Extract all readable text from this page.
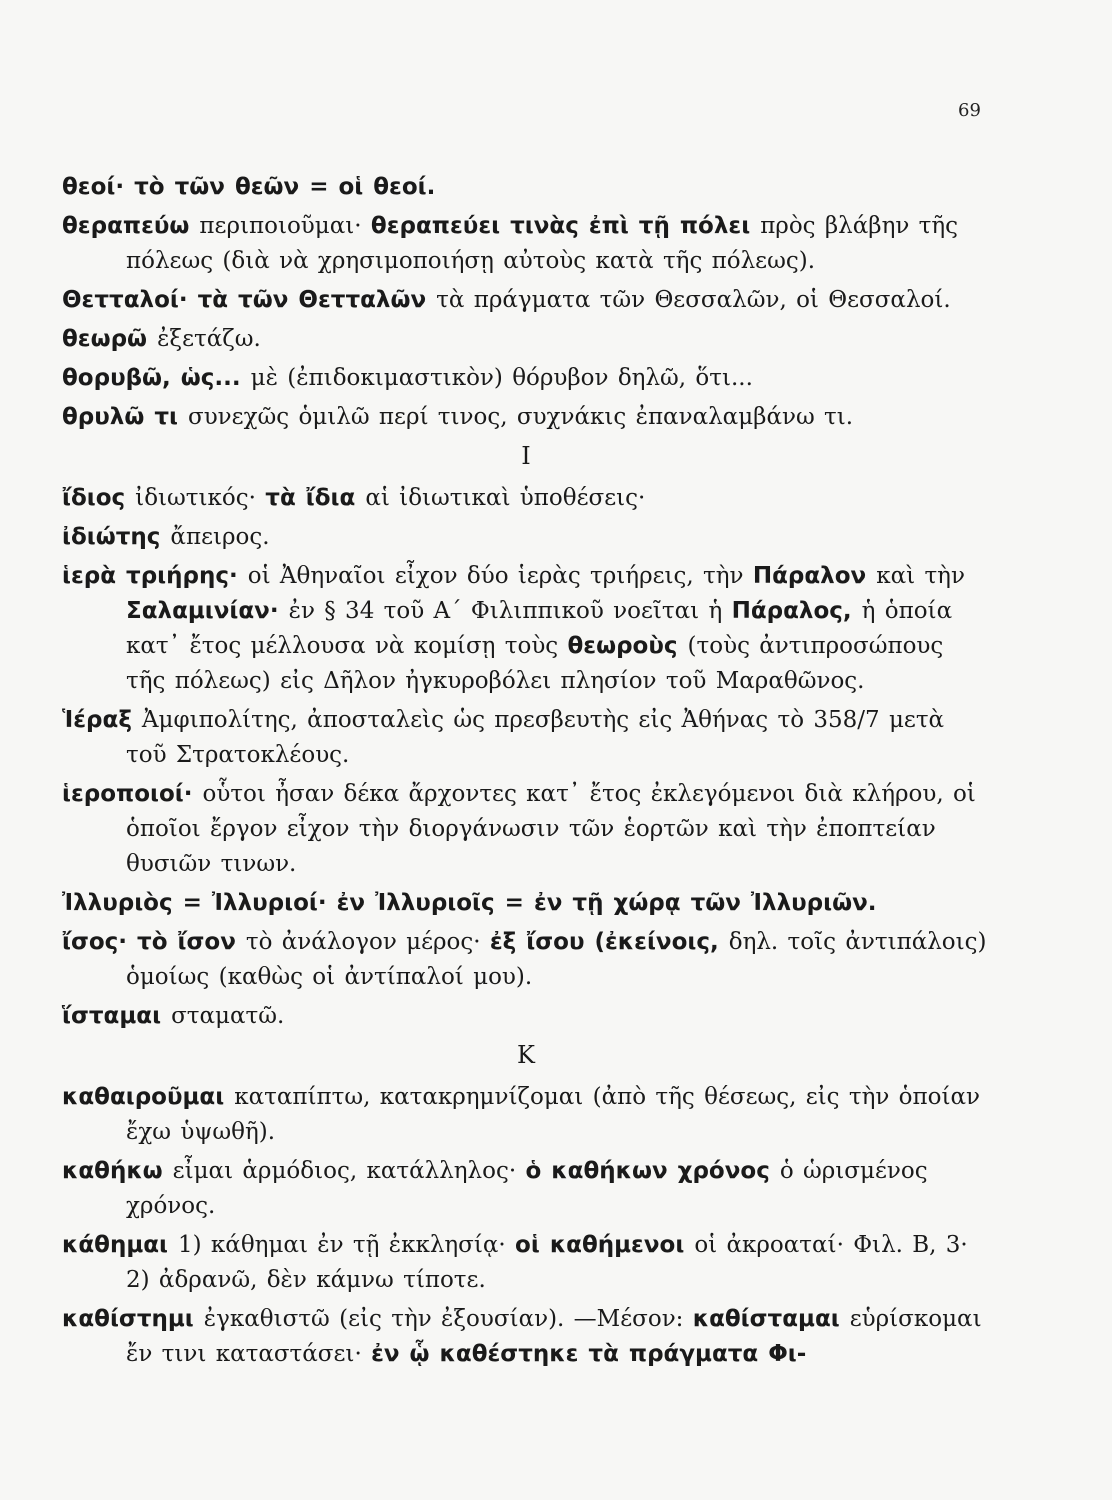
69

θεοί· τὸ τῶν θεῶν = οἱ θεοί.

θεραπεύω περιποιοῦμαι· θεραπεύει τινὰς ἐπὶ τῇ πόλει πρὸς βλάβην τῆς πόλεως (διὰ νὰ χρησιμοποιήσῃ αὐτοὺς κατὰ τῆς πόλεως).

Θετταλοί· τὰ τῶν Θετταλῶν τὰ πράγματα τῶν Θεσσαλῶν, οἱ Θεσσαλοί.

θεωρῶ ἐξετάζω.

θορυβῶ, ὡς... μὲ (ἐπιδοκιμαστικὸν) θόρυβον δηλῶ, ὅτι...

θρυλῶ τι συνεχῶς ὁμιλῶ περί τινος, συχνάκις ἐπαναλαμβάνω τι.

Ι

ἴδιος ἰδιωτικός· τὰ ἴδια αἱ ἰδιωτικαὶ ὑποθέσεις·

ἰδιώτης ἄπειρος.

ἱερὰ τριήρης· οἱ Ἀθηναῖοι εἶχον δύο ἱερὰς τριήρεις, τὴν Πάραλον καὶ τὴν Σαλαμινίαν· ἐν § 34 τοῦ Α΄ Φιλιππικοῦ νοεῖται ἡ Πάραλος, ἡ ὁποία κατ᾽ ἔτος μέλλουσα νὰ κομίσῃ τοὺς θεωροὺς (τοὺς ἀντιπροσώπους τῆς πόλεως) εἰς Δῆλον ἠγκυροβόλει πλησίον τοῦ Μαραθῶνος.

Ἱέραξ Ἀμφιπολίτης, ἀποσταλεὶς ὡς πρεσβευτὴς εἰς Ἀθήνας τὸ 358/7 μετὰ τοῦ Στρατοκλέους.

ἱεροποιοί· οὗτοι ἦσαν δέκα ἄρχοντες κατ᾽ ἔτος ἐκλεγόμενοι διὰ κλήρου, οἱ ὁποῖοι ἔργον εἶχον τὴν διοργάνωσιν τῶν ἑορτῶν καὶ τὴν ἐποπτείαν θυσιῶν τινων.

Ἰλλυριὸς = Ἰλλυριοί· ἐν Ἰλλυριοῖς = ἐν τῇ χώρᾳ τῶν Ἰλλυριῶν.

ἴσος· τὸ ἴσον τὸ ἀνάλογον μέρος· ἐξ ἴσου (ἐκείνοις, δηλ. τοῖς ἀντιπάλοις) ὁμοίως (καθὼς οἱ ἀντίπαλοί μου).

ἵσταμαι σταματῶ.

Κ

καθαιροῦμαι καταπίπτω, κατακρημνίζομαι (ἀπὸ τῆς θέσεως, εἰς τὴν ὁποίαν ἔχω ὑψωθῆ).

καθήκω εἶμαι ἁρμόδιος, κατάλληλος· ὁ καθήκων χρόνος ὁ ὡρισμένος χρόνος.

κάθημαι 1) κάθημαι ἐν τῇ ἐκκλησίᾳ· οἱ καθήμενοι οἱ ἀκροαταί· Φιλ. Β, 3· 2) ἀδρανῶ, δὲν κάμνω τίποτε.

καθίστημι ἐγκαθιστῶ (εἰς τὴν ἐξουσίαν). —Μέσον: καθίσταμαι εὑρίσκομαι ἔν τινι καταστάσει· ἐν ᾧ καθέστηκε τὰ πράγματα Φι-
